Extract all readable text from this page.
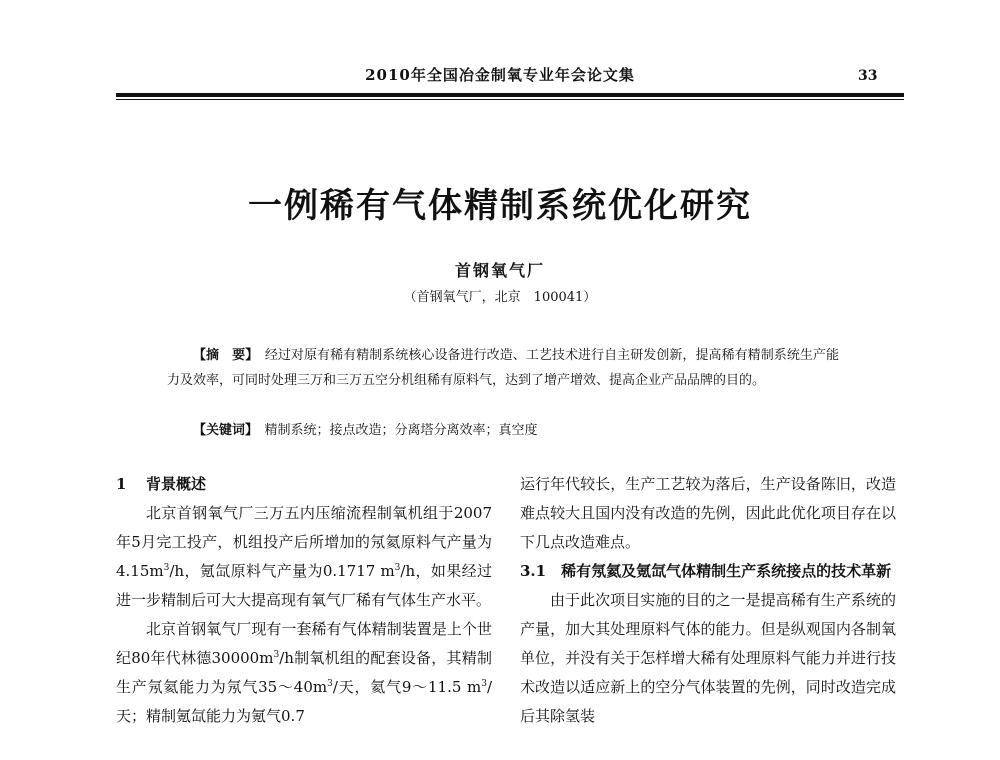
2010年全国冶金制氧专业年会论文集	33
一例稀有气体精制系统优化研究
首钢氧气厂
（首钢氧气厂，北京　100041）
【摘　要】　 经过对原有稀有精制系统核心设备进行改造、工艺技术进行自主研发创新，提高稀有精制系统生产能力及效率，可同时处理三万和三万五空分机组稀有原料气，达到了增产增效、提高企业产品品牌的目的。
【关键词】　 精制系统；接点改造；分离塔分离效率；真空度
1 背景概述

北京首钢氧气厂三万五内压缩流程制氧机组于2007年5月完工投产，机组投产后所增加的氖氦原料气产量为$4.15m^3/h$，氪氙原料气产量为0.1717 $m^3/h$，如果经过进一步精制后可大大提高现有氧气厂稀有气体生产水平。

北京首钢氧气厂现有一套稀有气体精制装置是上个世纪80年代林德$30000m^3/h$制氧机组的配套设备，其精制生产氖氦能力为氖气$35\sim 40m^3/$天，氦气9～11.5 $m^3/$天；精制氪氙能力为氪气0.7

运行年代较长，生产工艺较为落后，生产设备陈旧，改造难点较大且国内没有改造的先例，因此此优化项目存在以下几点改造难点。

3.1　 稀有氖氦及氪氙气体精制生产系统接点的技术革新

由于此次项目实施的目的之一是提高稀有生产系统的产量，加大其处理原料气体的能力。但是纵观国内各制氧单位，并没有关于怎样增大稀有处理原料气能力并进行技术改造以适应新上的空分气体装置的先例，同时改造完成后其除氢装
